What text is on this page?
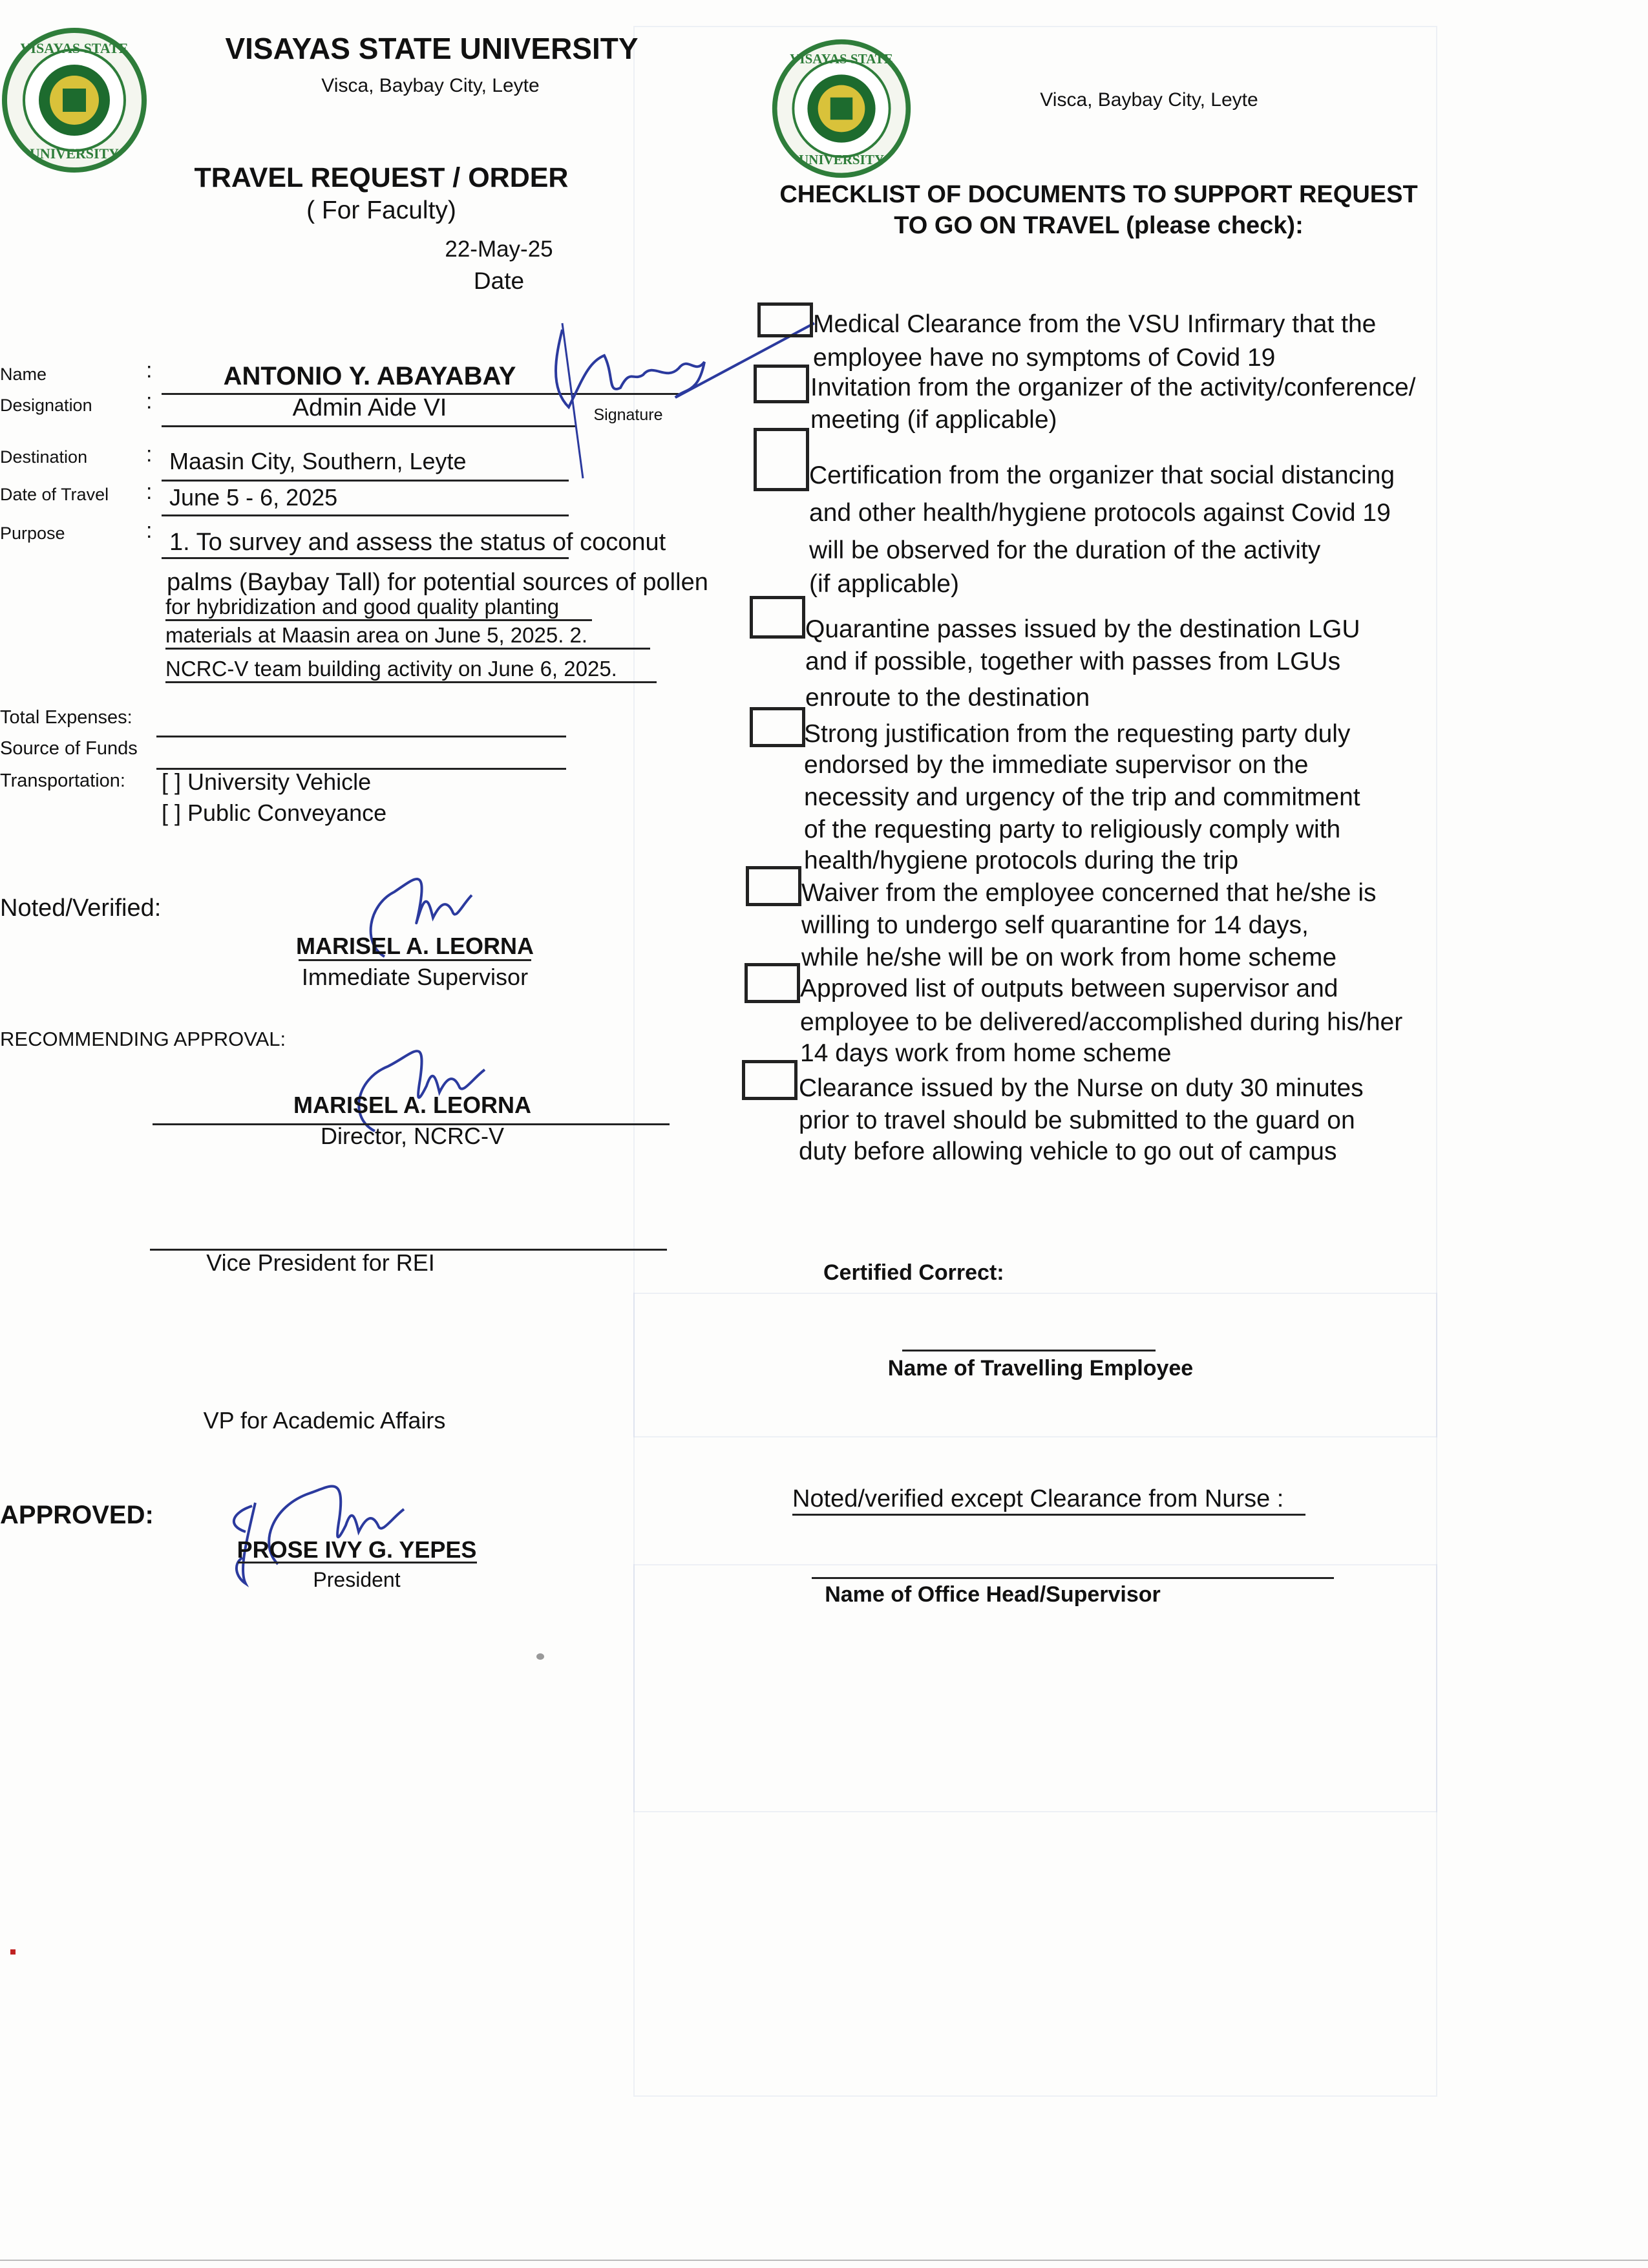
VISAYAS STATE
UNIVERSITY
VISAYAS STATE UNIVERSITY
Visca, Baybay City, Leyte
TRAVEL REQUEST / ORDER
( For Faculty)
22-May-25
Date
Name	:	ANTONIO Y. ABAYABAY
Designation :	Admin Aide VI	Signature
Destination	: Maasin City, Southern, Leyte
Date of Travel : June 5 - 6, 2025
Purpose	: 1. To survey and assess the status of coconut
palms (Baybay Tall) for potential sources of pollen
for hybridization and good quality planting
materials at Maasin area on June 5, 2025. 2.
NCRC-V team building activity on June 6, 2025.
Total Expenses:
Source of Funds
Transportation: [ ] University Vehicle
[ ] Public Conveyance
Noted/Verified:
MARISEL A. LEORNA
Immediate Supervisor
RECOMMENDING APPROVAL:
MARISEL A. LEORNA
Director, NCRC-V
Vice President for REI
VP for Academic Affairs
APPROVED:
PROSE IVY G. YEPES
President
VISAYAS STATE
UNIVERSITY
Visca, Baybay City, Leyte
CHECKLIST OF DOCUMENTS TO SUPPORT REQUEST
TO GO ON TRAVEL (please check):
Medical Clearance from the VSU Infirmary that the
employee have no symptoms of Covid 19
Invitation from the organizer of the activity/conference/
meeting (if applicable)
Certification from the organizer that social distancing
and other health/hygiene protocols against Covid 19
will be observed for the duration of the activity
(if applicable)
Quarantine passes issued by the destination LGU
and if possible, together with passes from LGUs
enroute to the destination
Strong justification from the requesting party duly
endorsed by the immediate supervisor on the
necessity and urgency of the trip and commitment
of the requesting party to religiously comply with
health/hygiene protocols during the trip
Waiver from the employee concerned that he/she is
willing to undergo self quarantine for 14 days,
while he/she will be on work from home scheme
Approved list of outputs between supervisor and
employee to be delivered/accomplished during his/her
14 days work from home scheme
Clearance issued by the Nurse on duty 30 minutes
prior to travel should be submitted to the guard on
duty before allowing vehicle to go out of campus
Certified Correct:
Name of Travelling Employee
Noted/verified except Clearance from Nurse :
Name of Office Head/Supervisor
